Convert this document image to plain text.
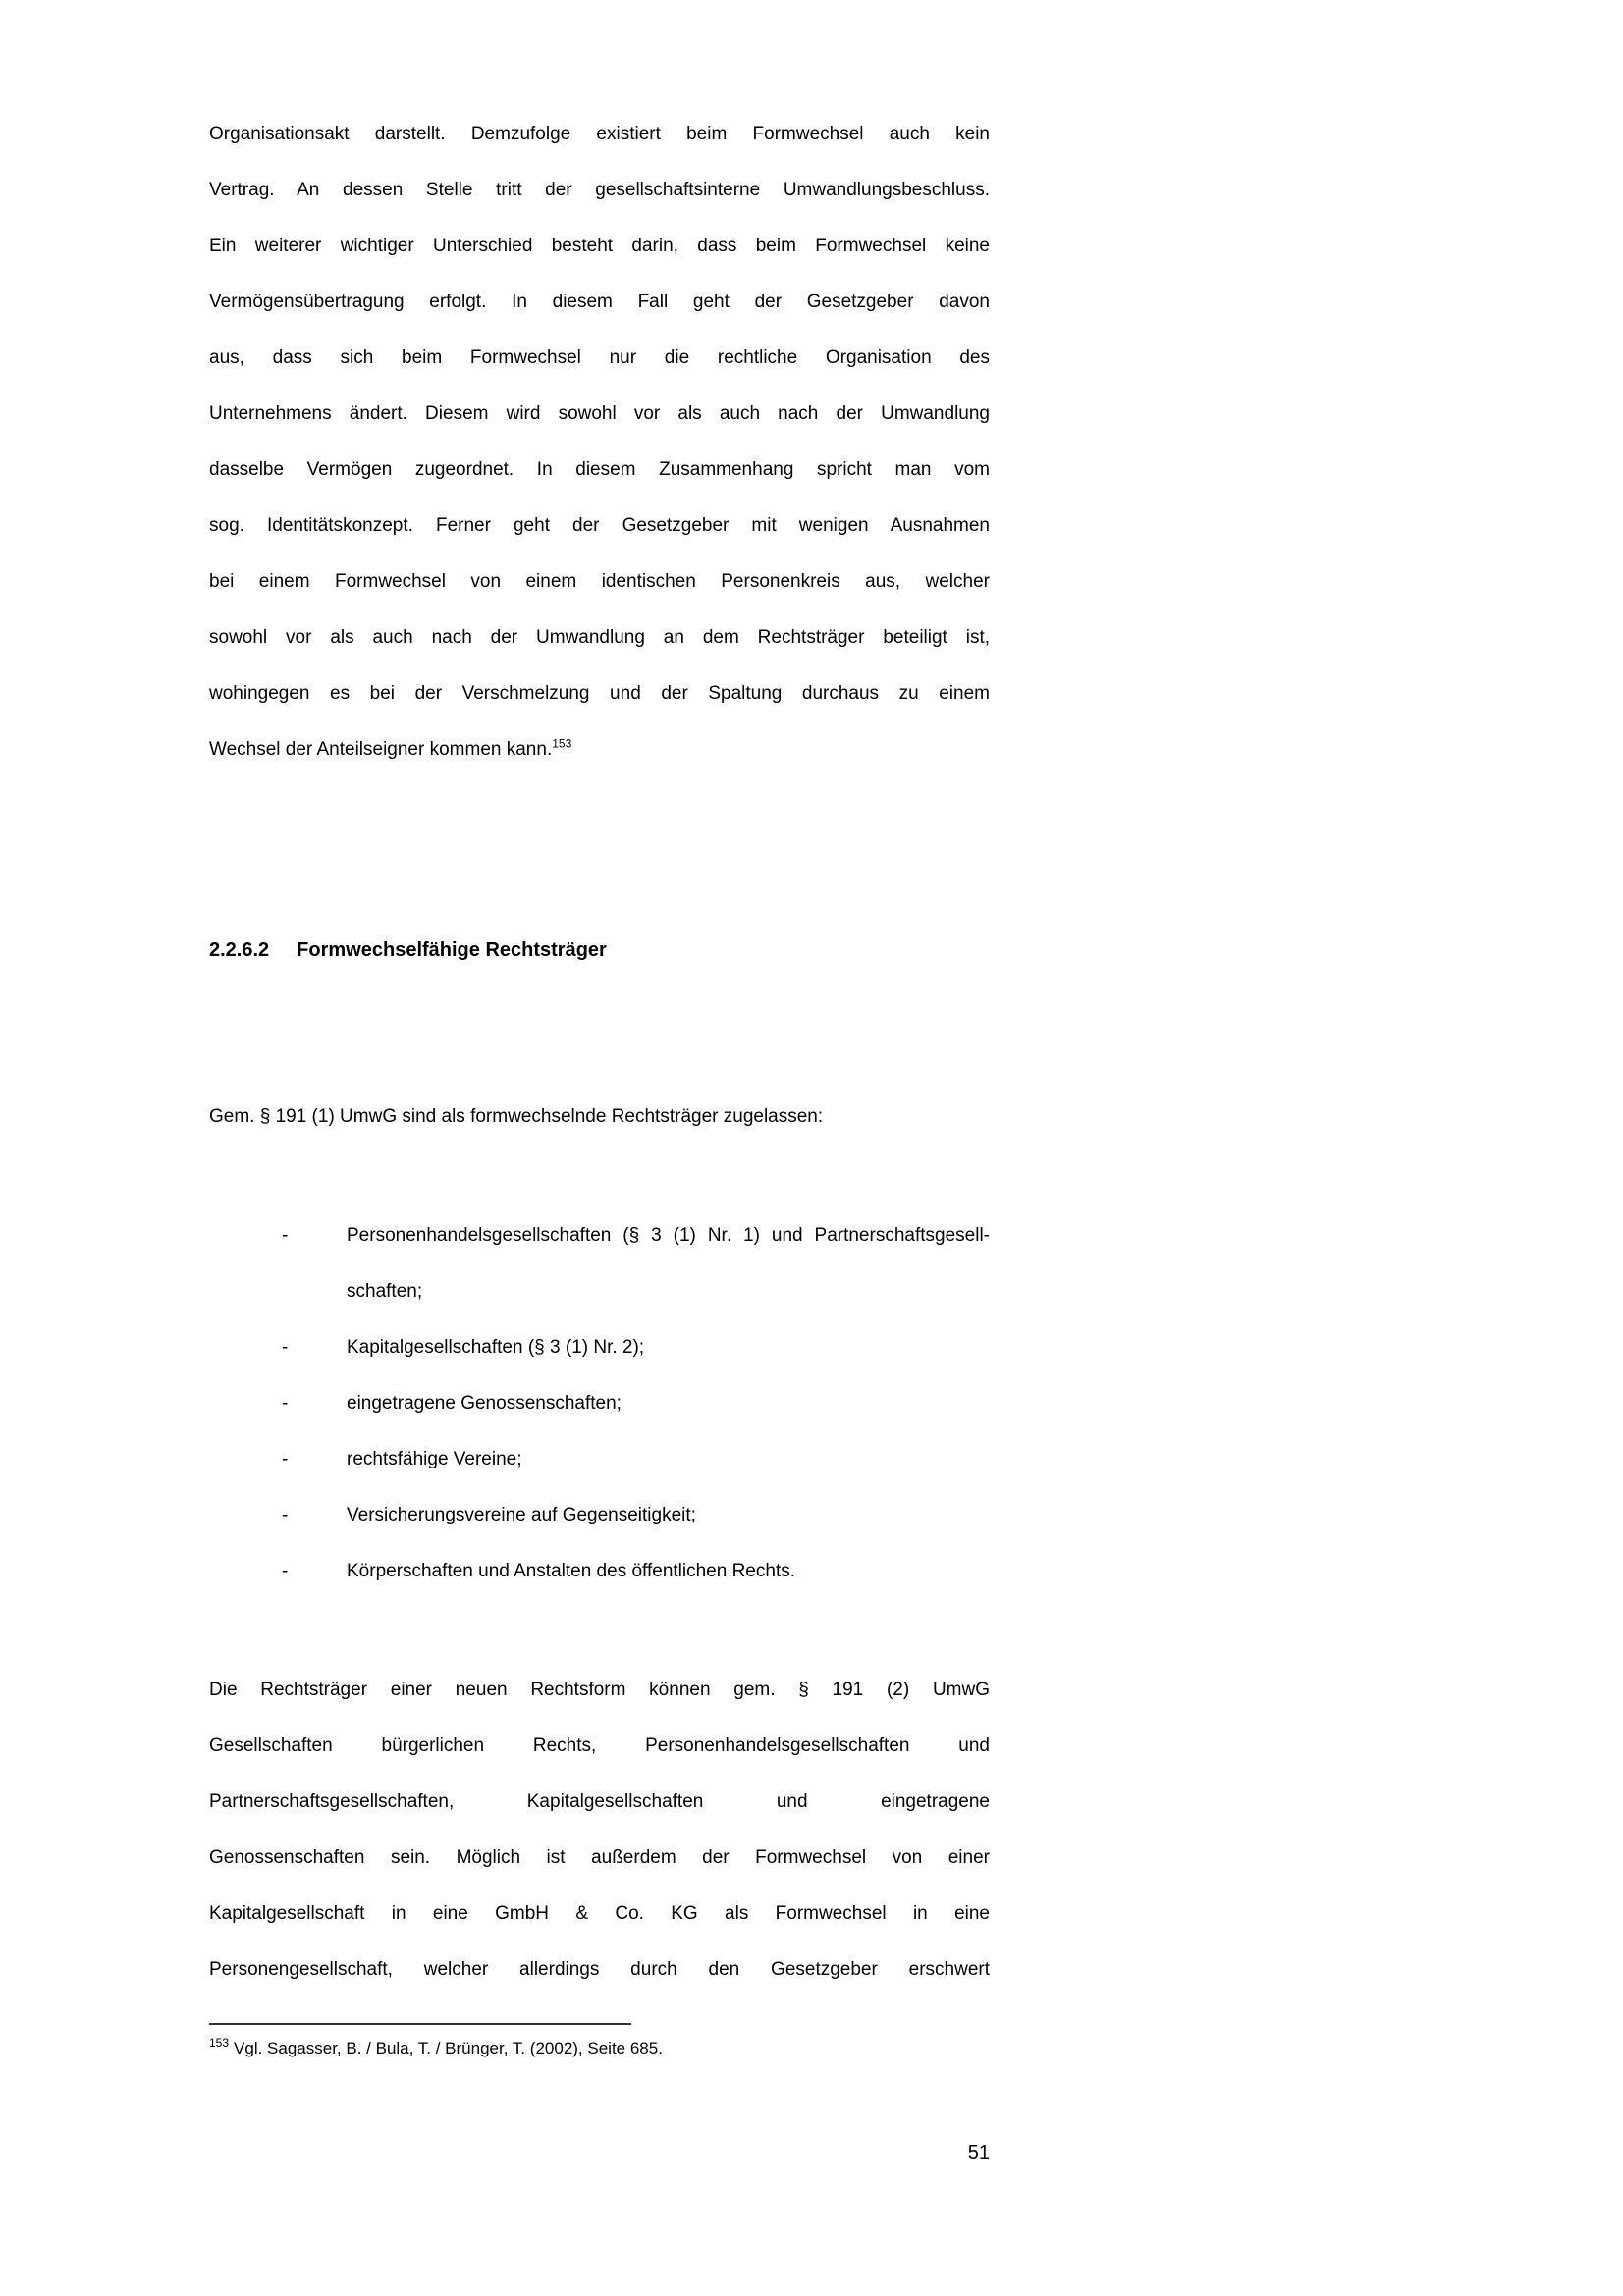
Organisationsakt darstellt. Demzufolge existiert beim Formwechsel auch kein
Vertrag. An dessen Stelle tritt der gesellschaftsinterne Umwandlungsbeschluss.
Ein weiterer wichtiger Unterschied besteht darin, dass beim Formwechsel keine
Vermögensübertragung erfolgt. In diesem Fall geht der Gesetzgeber davon
aus, dass sich beim Formwechsel nur die rechtliche Organisation des
Unternehmens ändert. Diesem wird sowohl vor als auch nach der Umwandlung
dasselbe Vermögen zugeordnet. In diesem Zusammenhang spricht man vom
sog. Identitätskonzept. Ferner geht der Gesetzgeber mit wenigen Ausnahmen
bei einem Formwechsel von einem identischen Personenkreis aus, welcher
sowohl vor als auch nach der Umwandlung an dem Rechtsträger beteiligt ist,
wohingegen es bei der Verschmelzung und der Spaltung durchaus zu einem
Wechsel der Anteilseigner kommen kann.$^{153}$
2.2.6.2 Formwechselfähige Rechtsträger
Gem. § 191 (1) UmwG sind als formwechselnde Rechtsträger zugelassen:
-	Personenhandelsgesellschaften (§ 3 (1) Nr. 1) und Partnerschaftsgesell-
schaften;
-	Kapitalgesellschaften (§ 3 (1) Nr. 2);
-	eingetragene Genossenschaften;
-	rechtsfähige Vereine;
-	Versicherungsvereine auf Gegenseitigkeit;
-	Körperschaften und Anstalten des öffentlichen Rechts.
Die Rechtsträger einer neuen Rechtsform können gem. § 191 (2) UmwG
Gesellschaften bürgerlichen Rechts, Personenhandelsgesellschaften und
Partnerschaftsgesellschaften, Kapitalgesellschaften und eingetragene
Genossenschaften sein. Möglich ist außerdem der Formwechsel von einer
Kapitalgesellschaft in eine GmbH & Co. KG als Formwechsel in eine
Personengesellschaft, welcher allerdings durch den Gesetzgeber erschwert
$^{153}$ Vgl. Sagasser, B. / Bula, T. / Brünger, T. (2002), Seite 685.
51
